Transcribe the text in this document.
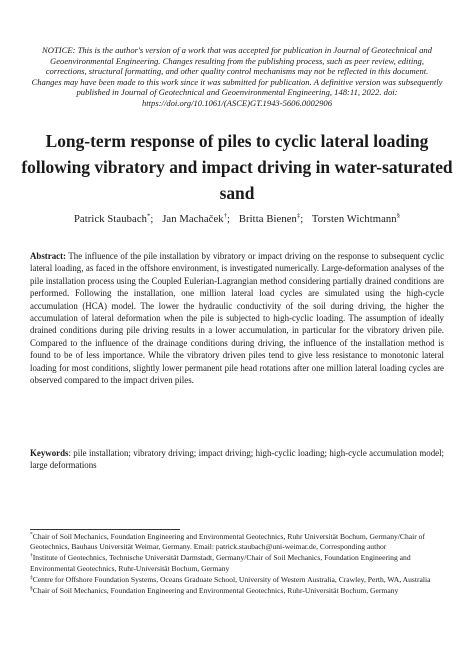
NOTICE: This is the author's version of a work that was accepted for publication in Journal of Geotechnical and Geoenvironmental Engineering. Changes resulting from the publishing process, such as peer review, editing, corrections, structural formatting, and other quality control mechanisms may not be reflected in this document. Changes may have been made to this work since it was submitted for publication. A definitive version was subsequently published in Journal of Geotechnical and Geoenvironmental Engineering, 148:11, 2022. doi: https://doi.org/10.1061/(ASCE)GT.1943-5606.0002906
Long-term response of piles to cyclic lateral loading following vibratory and impact driving in water-saturated sand
Patrick Staubach*; Jan Machaček†; Britta Bienen‡; Torsten Wichtmann§
Abstract: The influence of the pile installation by vibratory or impact driving on the response to subsequent cyclic lateral loading, as faced in the offshore environment, is investigated numerically. Large-deformation analyses of the pile installation process using the Coupled Eulerian-Lagrangian method considering partially drained conditions are performed. Following the installation, one million lateral load cycles are simulated using the high-cycle accumulation (HCA) model. The lower the hydraulic conductivity of the soil during driving, the higher the accumulation of lateral deformation when the pile is subjected to high-cyclic loading. The assumption of ideally drained conditions during pile driving results in a lower accumulation, in particular for the vibratory driven pile. Compared to the influence of the drainage conditions during driving, the influence of the installation method is found to be of less importance. While the vibratory driven piles tend to give less resistance to monotonic lateral loading for most conditions, slightly lower permanent pile head rotations after one million lateral loading cycles are observed compared to the impact driven piles.
Keywords: pile installation; vibratory driving; impact driving; high-cyclic loading; high-cycle accumulation model; large deformations
*Chair of Soil Mechanics, Foundation Engineering and Environmental Geotechnics, Ruhr Universität Bochum, Germany/Chair of Geotechnics, Bauhaus Universität Weimar, Germany. Email: patrick.staubach@uni-weimar.de, Corresponding author
†Institute of Geotechnics, Technische Universität Darmstadt, Germany/Chair of Soil Mechanics, Foundation Engineering and Environmental Geotechnics, Ruhr-Universität Bochum, Germany
‡Centre for Offshore Foundation Systems, Oceans Graduate School, University of Western Australia, Crawley, Perth, WA, Australia
§Chair of Soil Mechanics, Foundation Engineering and Environmental Geotechnics, Ruhr-Universität Bochum, Germany
